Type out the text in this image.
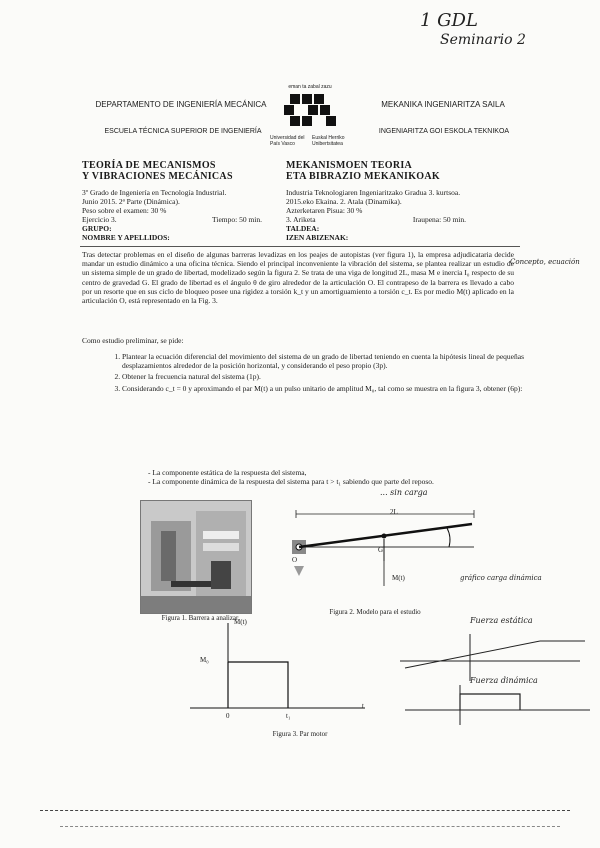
1 GDL
Seminario 2
DEPARTAMENTO DE INGENIERÍA MECÁNICA
ESCUELA TÉCNICA SUPERIOR DE INGENIERÍA
eman ta zabal zazu
Universidad del País Vasco
Euskal Herriko Unibertsitatea
MEKANIKA INGENIARITZA SAILA
INGENIARITZA GOI ESKOLA TEKNIKOA
TEORÍA DE MECANISMOS
Y VIBRACIONES MECÁNICAS
MEKANISMOEN TEORIA
ETA BIBRAZIO MEKANIKOAK
3º Grado de Ingeniería en Tecnología Industrial.
Junio 2015. 2ª Parte (Dinámica).
Peso sobre el examen: 30 %
Ejercicio 3.	Tiempo: 50 min.
GRUPO:
NOMBRE Y APELLIDOS:
Industria Teknologiaren Ingeniaritzako Gradua 3. kurtsoa.
2015.eko Ekaina. 2. Atala (Dinamika).
Azterketaren Pisua: 30 %
3. Ariketa	Iraupena: 50 min.
TALDEA:
IZEN ABIZENAK:
Tras detectar problemas en el diseño de algunas barreras levadizas en los peajes de autopistas (ver figura 1), la empresa adjudicataria decide mandar un estudio dinámico a una oficina técnica. Siendo el principal inconveniente la vibración del sistema, se plantea realizar un estudio de un sistema simple de un grado de libertad, modelizado según la figura 2. Se trata de una viga de longitud 2L, masa M e inercia I₀ respecto de su centro de gravedad G. El grado de libertad es el ángulo θ de giro alrededor de la articulación O. El contrapeso de la barrera es llevado a cabo por un resorte que en sus ciclo de bloqueo posee una rigidez a torsión k_t y un amortiguamiento a torsión c_t. Es por medio M(t) aplicado en la articulación O, está representado en la Fig. 3.
Concepto, ecuación
Como estudio preliminar, se pide:
1. Plantear la ecuación diferencial del movimiento del sistema de un grado de libertad teniendo en cuenta la hipótesis lineal de pequeñas desplazamientos alrededor de la posición horizontal, y considerando el peso propio (3p).
2. Obtener la frecuencia natural del sistema (1p).
3. Considerando c_t = 0 y aproximando el par M(t) a un pulso unitario de amplitud M₀, tal como se muestra en la figura 3, obtener (6p):
- La componente estática de la respuesta del sistema,
- La componente dinámica de la respuesta del sistema para t > t₁ sabiendo que parte del reposo.
... sin carga
Figura 1. Barrera a analizar
2L
G
O
M(t)	gráfico carga dinámica
Figura 2. Modelo para el estudio
M(t)
M₀
0	t₁
t
Figura 3. Par motor
Fuerza estática
Fuerza dinámica
